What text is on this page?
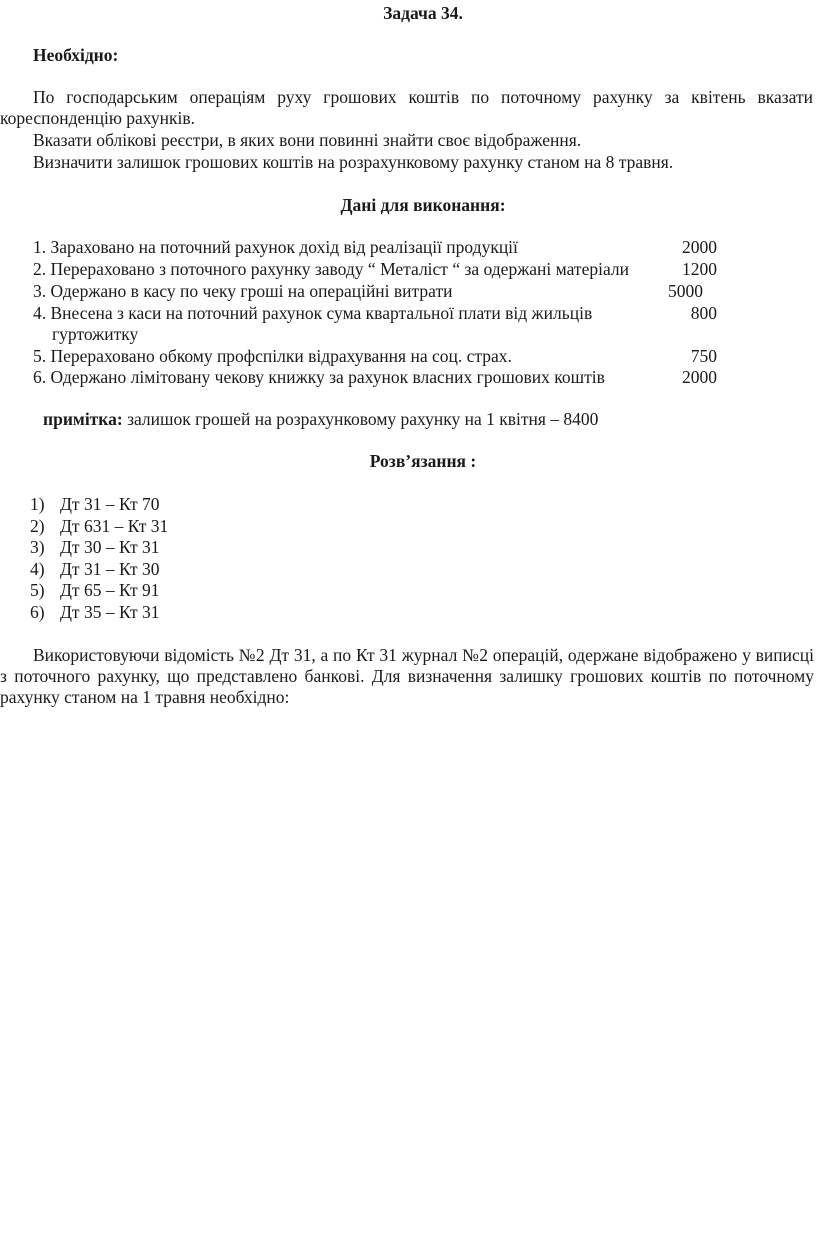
Задача 34.
Необхідно:
По господарським операціям руху грошових коштів по поточному рахунку за квітень вказати
кореспонденцію рахунків.
Вказати облікові реєстри, в яких вони повинні знайти своє відображення.
Визначити залишок грошових коштів на розрахунковому рахунку станом на 8 травня.
Дані для виконання:
1. Зараховано на поточний рахунок дохід від реалізації продукції	2000
2. Перераховано з поточного рахунку заводу “ Металіст “ за одержані матеріали	1200
3. Одержано в касу по чеку гроші на операційні витрати	5000
4. Внесена з каси на поточний рахунок сума квартальної плати від жильців	800
гуртожитку
5. Перераховано обкому профспілки відрахування на соц. страх.	750
6. Одержано лімітовану чекову книжку за рахунок власних грошових коштів	2000
примітка: залишок грошей на розрахунковому рахунку на 1 квітня – 8400
Розв’язання :
1) Дт 31 – Кт 70
2) Дт 631 – Кт 31
3) Дт 30 – Кт 31
4) Дт 31 – Кт 30
5) Дт 65 – Кт 91
6) Дт 35 – Кт 31
Використовуючи відомість №2 Дт 31, а по Кт 31 журнал №2 операцій, одержане відображено у виписці з поточного рахунку, що представлено банкові. Для визначення залишку грошових коштів по поточному рахунку станом на 1 травня необхідно:
